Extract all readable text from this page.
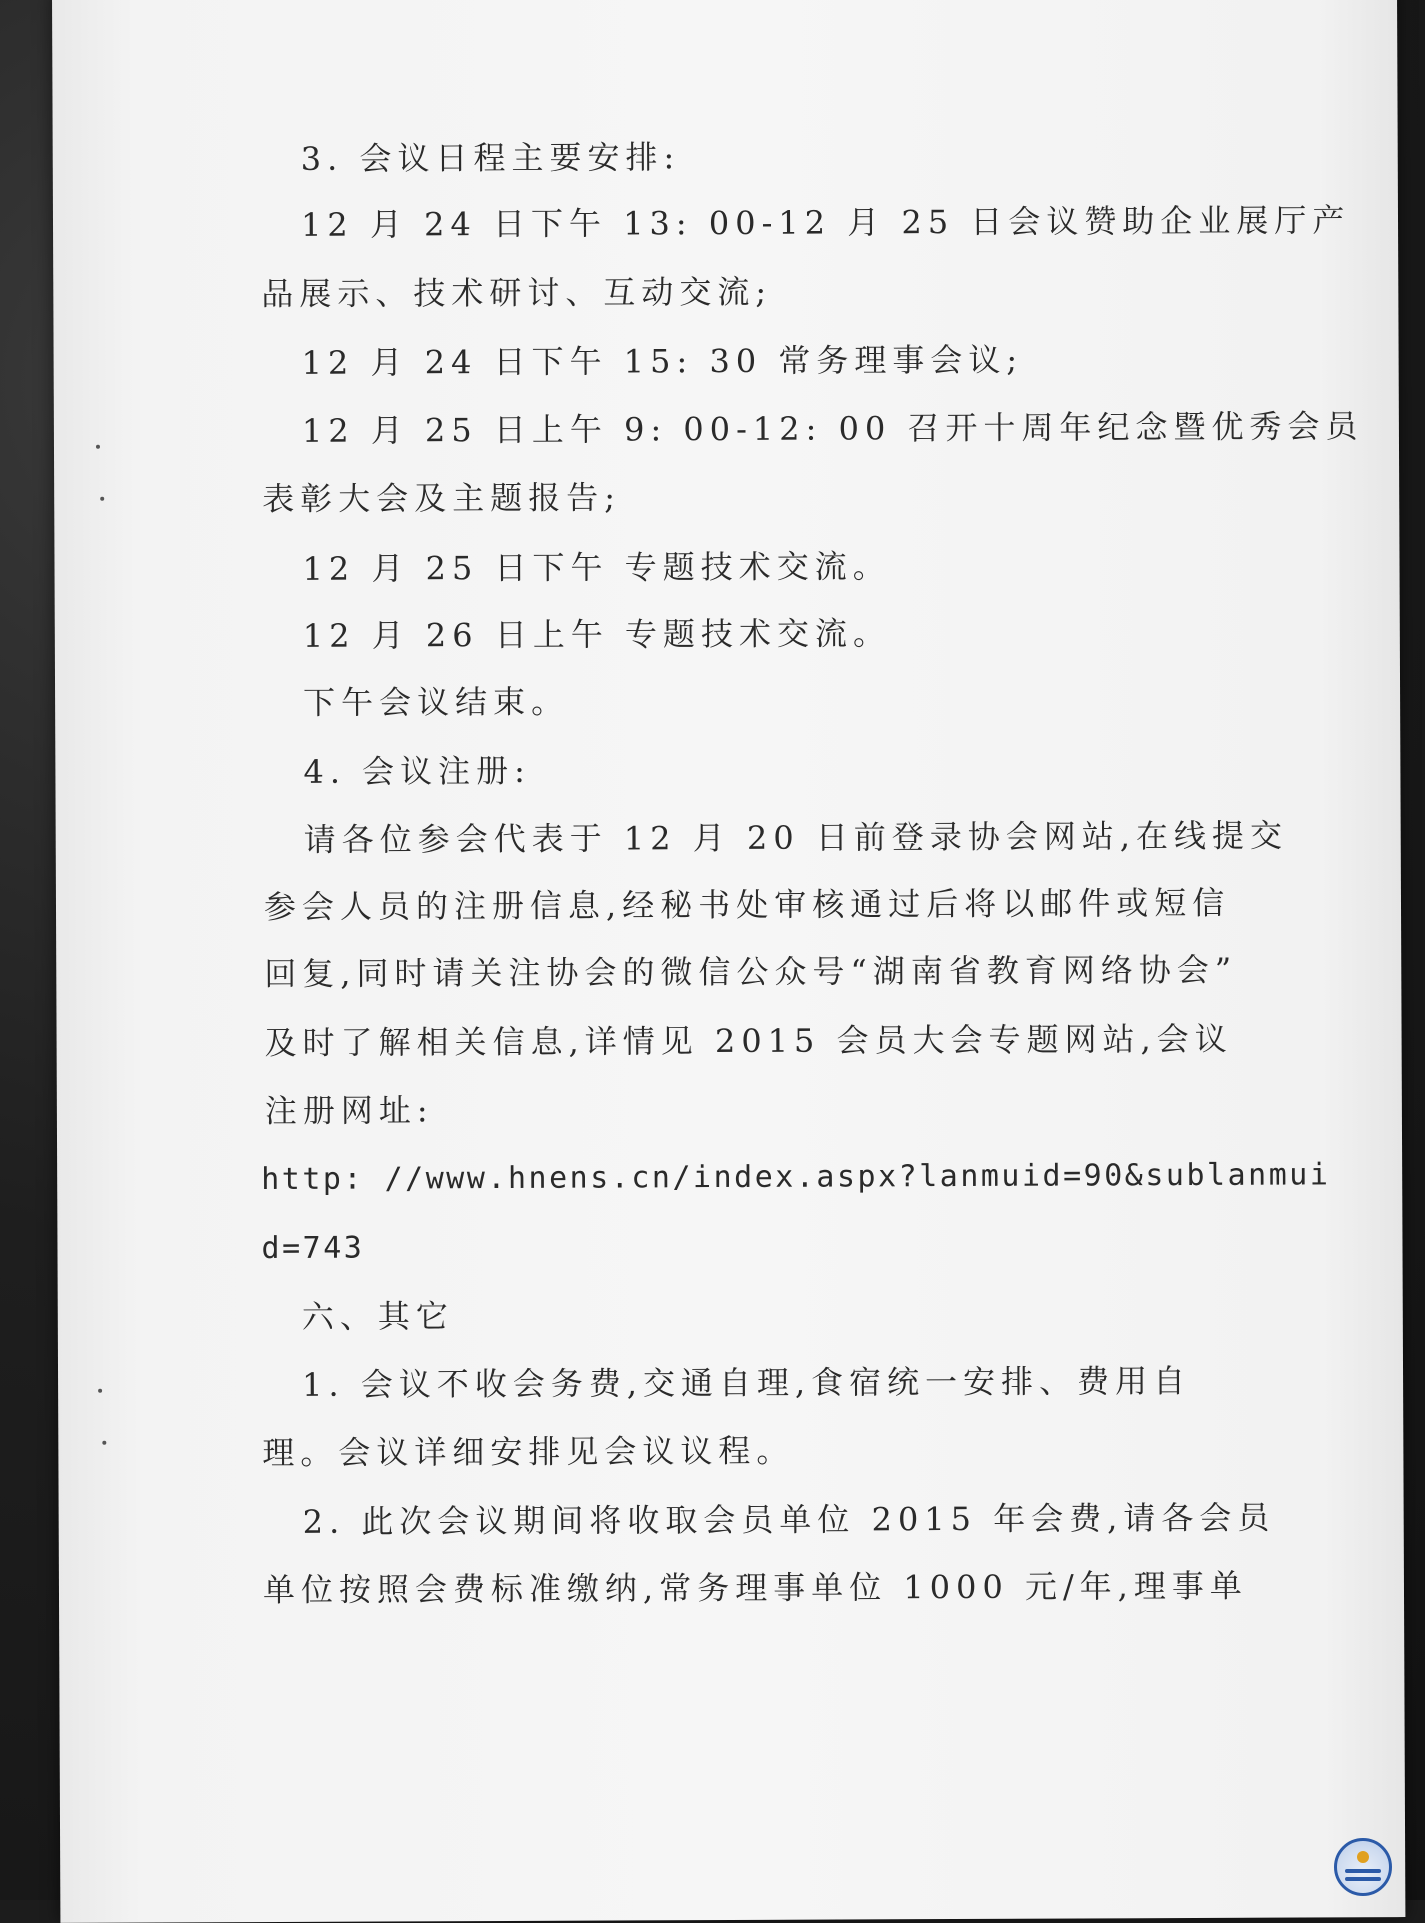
3. 会议日程主要安排:
12 月 24 日下午 13: 00-12 月 25 日会议赞助企业展厅产
品展示、技术研讨、互动交流;
12 月 24 日下午 15: 30 常务理事会议;
12 月 25 日上午 9: 00-12: 00 召开十周年纪念暨优秀会员
表彰大会及主题报告;
12 月 25 日下午 专题技术交流。
12 月 26 日上午 专题技术交流。
下午会议结束。
4. 会议注册:
请各位参会代表于 12 月 20 日前登录协会网站,在线提交
参会人员的注册信息,经秘书处审核通过后将以邮件或短信
回复,同时请关注协会的微信公众号“湖南省教育网络协会”
及时了解相关信息,详情见 2015 会员大会专题网站,会议
注册网址:
http: //www.hnens.cn/index.aspx?lanmuid=90&sublanmui
d=743
六、其它
1. 会议不收会务费,交通自理,食宿统一安排、费用自
理。会议详细安排见会议议程。
2. 此次会议期间将收取会员单位 2015 年会费,请各会员
单位按照会费标准缴纳,常务理事单位 1000 元/年,理事单
